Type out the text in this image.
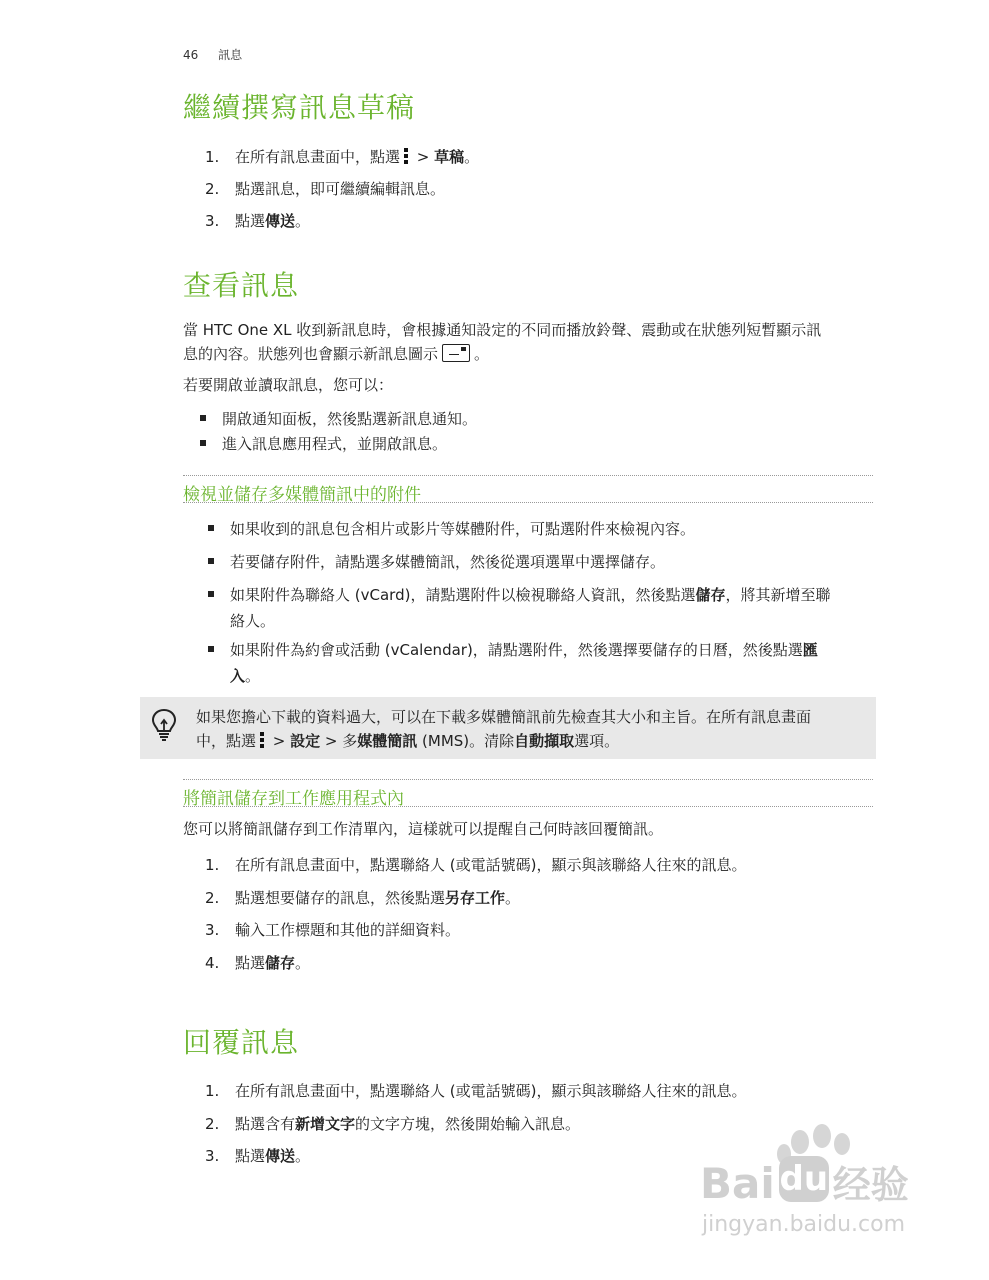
46 訊息
繼續撰寫訊息草稿
1. 在所有訊息畫面中，點選
> 草稿。
2. 點選訊息，即可繼續編輯訊息。
3. 點選傳送。
查看訊息
當 HTC One XL 收到新訊息時，會根據通知設定的不同而播放鈴聲、震動或在狀態列短暫顯示訊
息的內容。狀態列也會顯示新訊息圖示 。
若要開啟並讀取訊息，您可以：
開啟通知面板，然後點選新訊息通知。
進入訊息應用程式，並開啟訊息。
檢視並儲存多媒體簡訊中的附件
如果收到的訊息包含相片或影片等媒體附件，可點選附件來檢視內容。
若要儲存附件，請點選多媒體簡訊，然後從選項選單中選擇儲存。
如果附件為聯絡人 (vCard)，請點選附件以檢視聯絡人資訊，然後點選儲存，將其新增至聯
絡人。
如果附件為約會或活動 (vCalendar)，請點選附件，然後選擇要儲存的日曆，然後點選匯
入。
如果您擔心下載的資料過大，可以在下載多媒體簡訊前先檢查其大小和主旨。在所有訊息畫面
中，點選
> 設定 > 多媒體簡訊 (MMS)。清除自動擷取選項。
將簡訊儲存到工作應用程式內
您可以將簡訊儲存到工作清單內，這樣就可以提醒自己何時該回覆簡訊。
1. 在所有訊息畫面中，點選聯絡人 (或電話號碼)，顯示與該聯絡人往來的訊息。
2. 點選想要儲存的訊息，然後點選另存工作。
3. 輸入工作標題和其他的詳細資料。
4. 點選儲存。
回覆訊息
1. 在所有訊息畫面中，點選聯絡人 (或電話號碼)，顯示與該聯絡人往來的訊息。
2. 點選含有新增文字的文字方塊，然後開始輸入訊息。
3. 點選傳送。
Bai du 经验
jingyan.baidu.com
